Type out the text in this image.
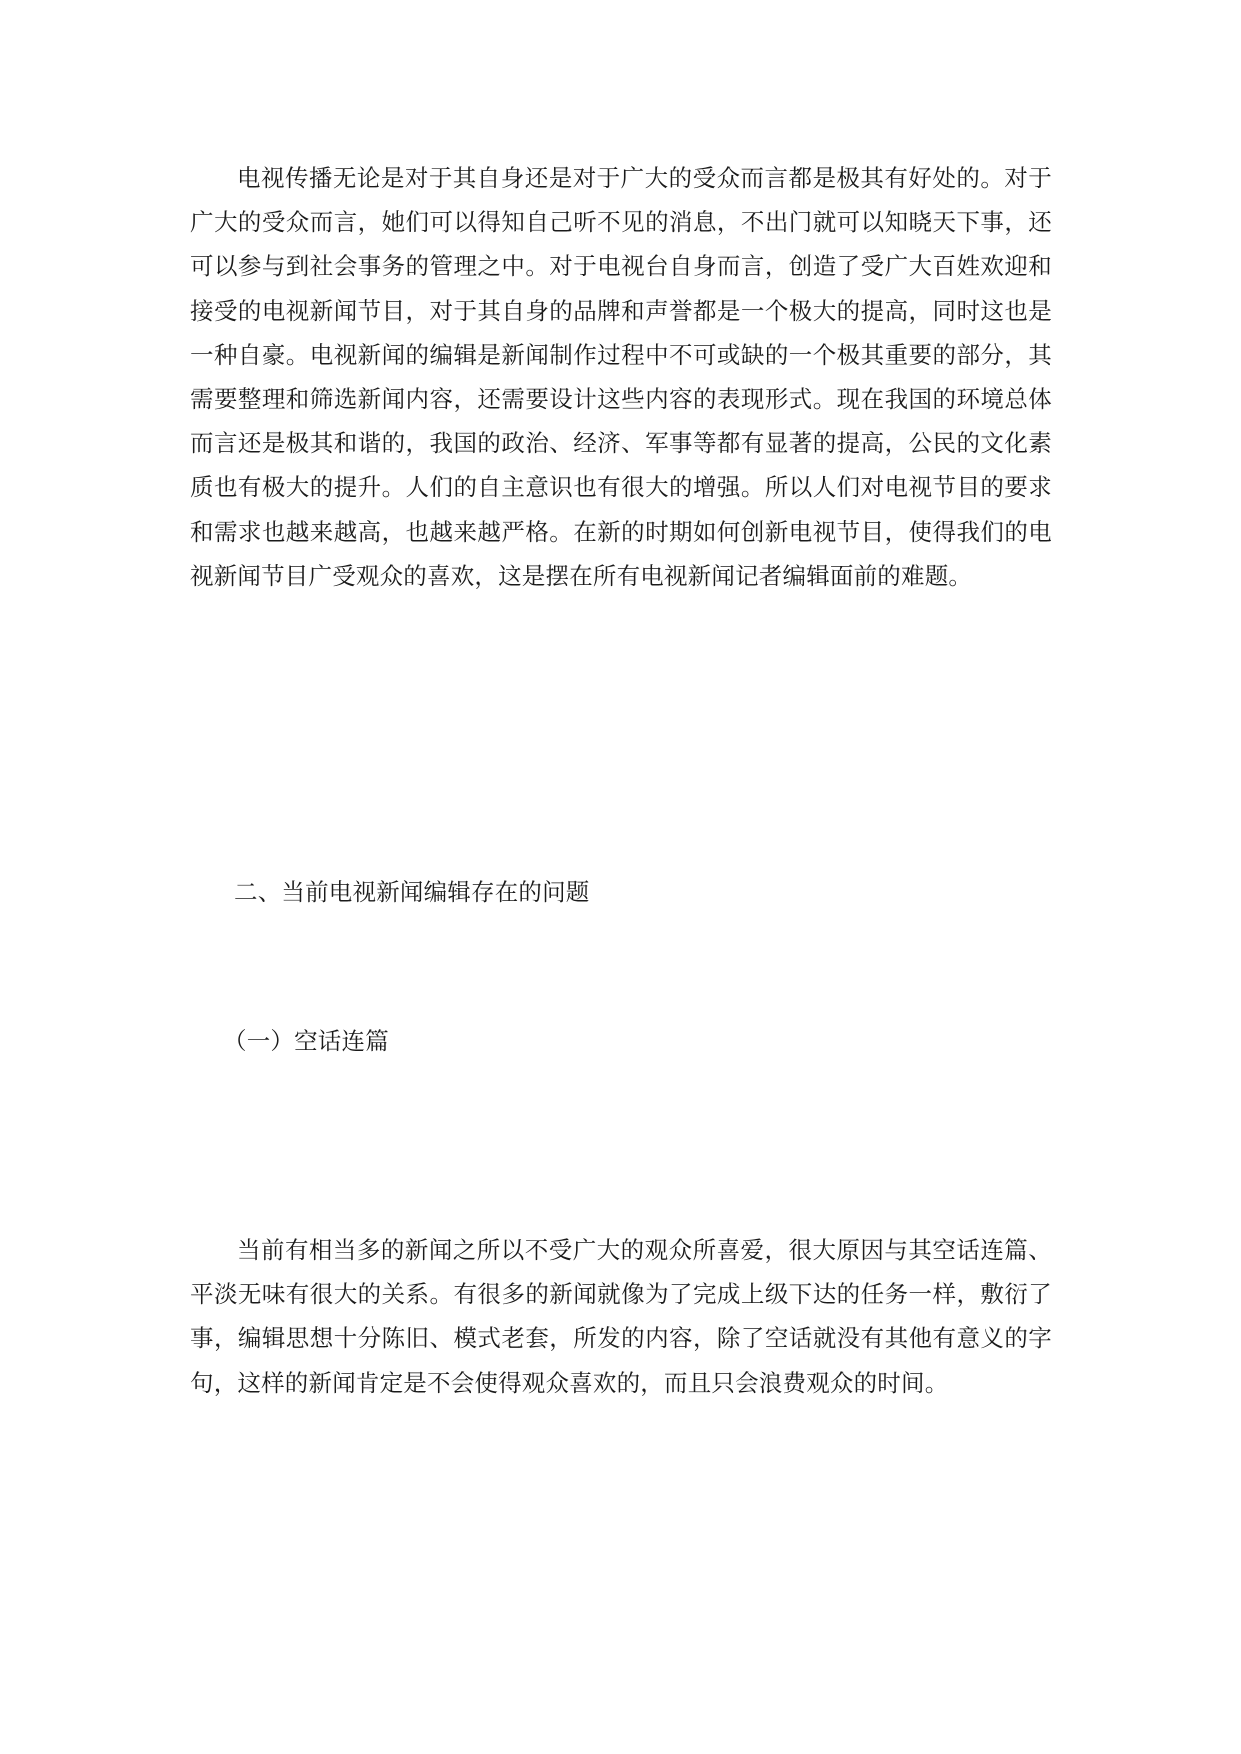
电视传播无论是对于其自身还是对于广大的受众而言都是极其有好处的。对于广大的受众而言，她们可以得知自己听不见的消息，不出门就可以知晓天下事，还可以参与到社会事务的管理之中。对于电视台自身而言，创造了受广大百姓欢迎和接受的电视新闻节目，对于其自身的品牌和声誉都是一个极大的提高，同时这也是一种自豪。电视新闻的编辑是新闻制作过程中不可或缺的一个极其重要的部分，其需要整理和筛选新闻内容，还需要设计这些内容的表现形式。现在我国的环境总体而言还是极其和谐的，我国的政治、经济、军事等都有显著的提高，公民的文化素质也有极大的提升。人们的自主意识也有很大的增强。所以人们对电视节目的要求和需求也越来越高，也越来越严格。在新的时期如何创新电视节目，使得我们的电视新闻节目广受观众的喜欢，这是摆在所有电视新闻记者编辑面前的难题。

二、当前电视新闻编辑存在的问题
（一）空话连篇

当前有相当多的新闻之所以不受广大的观众所喜爱，很大原因与其空话连篇、平淡无味有很大的关系。有很多的新闻就像为了完成上级下达的任务一样，敷衍了事，编辑思想十分陈旧、模式老套，所发的内容，除了空话就没有其他有意义的字句，这样的新闻肯定是不会使得观众喜欢的，而且只会浪费观众的时间。
